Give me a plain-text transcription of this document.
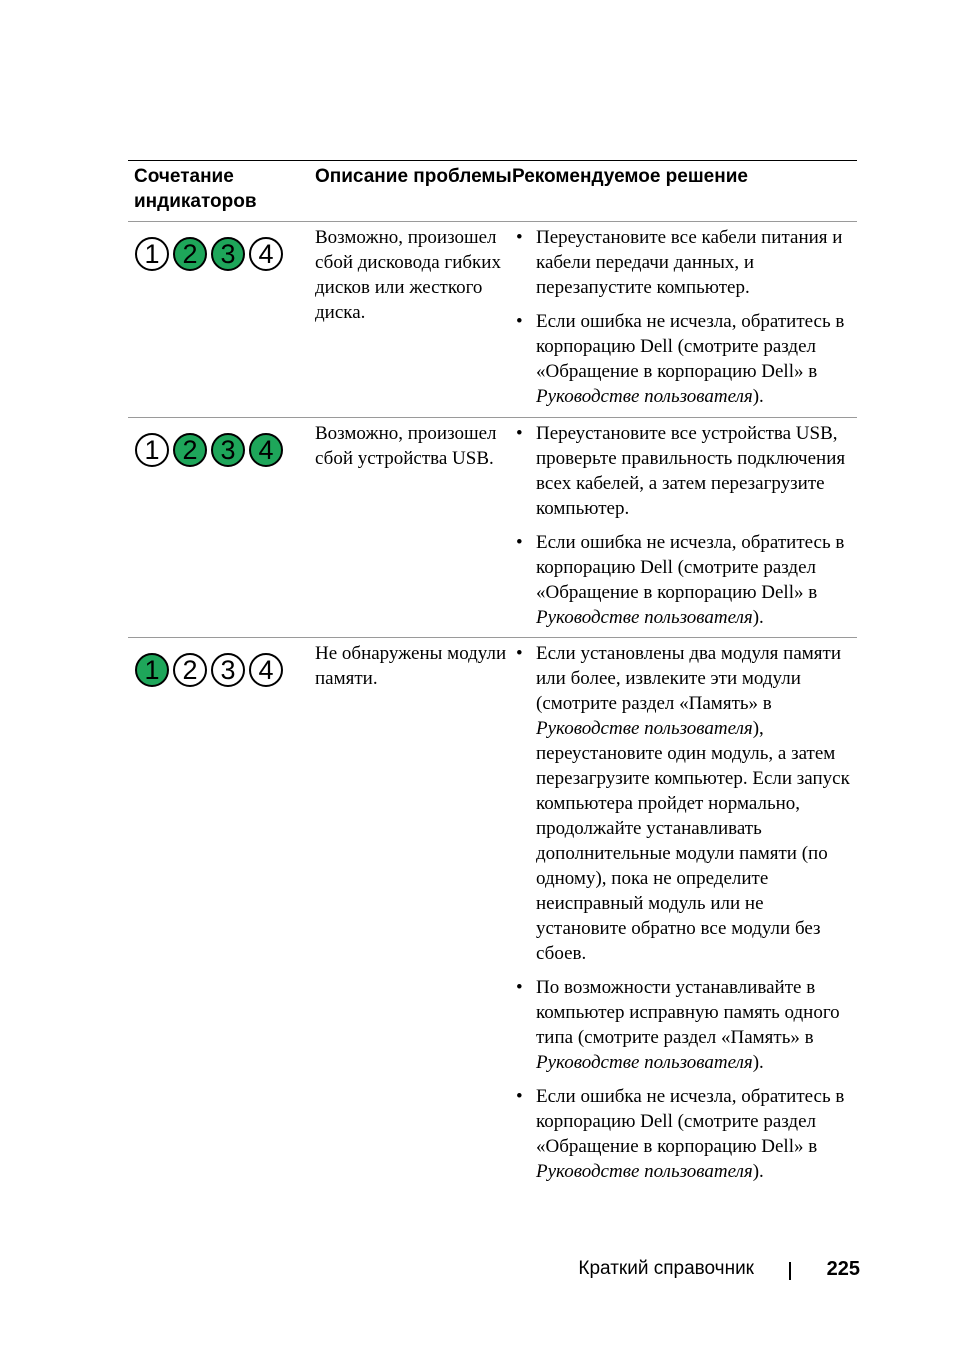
Сочетание индикаторов
Описание проблемы Рекомендуемое решение
1 2 3 4
Возможно, произошел сбой дисковода гибких дисков или жесткого диска.
• Переустановите все кабели питания и кабели передачи данных, и перезапустите компьютер.
• Если ошибка не исчезла, обратитесь в корпорацию Dell (смотрите раздел «Обращение в корпорацию Dell» в Руководстве пользователя).
1 2 3 4
Возможно, произошел сбой устройства USB.
• Переустановите все устройства USB, проверьте правильность подключения всех кабелей, а затем перезагрузите компьютер.
• Если ошибка не исчезла, обратитесь в корпорацию Dell (смотрите раздел «Обращение в корпорацию Dell» в Руководстве пользователя).
1 2 3 4
Не обнаружены модули памяти.
• Если установлены два модуля памяти или более, извлеките эти модули (смотрите раздел «Память» в Руководстве пользователя), переустановите один модуль, а затем перезагрузите компьютер. Если запуск компьютера пройдет нормально, продолжайте устанавливать дополнительные модули памяти (по одному), пока не определите неисправный модуль или не установите обратно все модули без сбоев.
• По возможности устанавливайте в компьютер исправную память одного типа (смотрите раздел «Память» в Руководстве пользователя).
• Если ошибка не исчезла, обратитесь в корпорацию Dell (смотрите раздел «Обращение в корпорацию Dell» в Руководстве пользователя).
Краткий справочник	225
